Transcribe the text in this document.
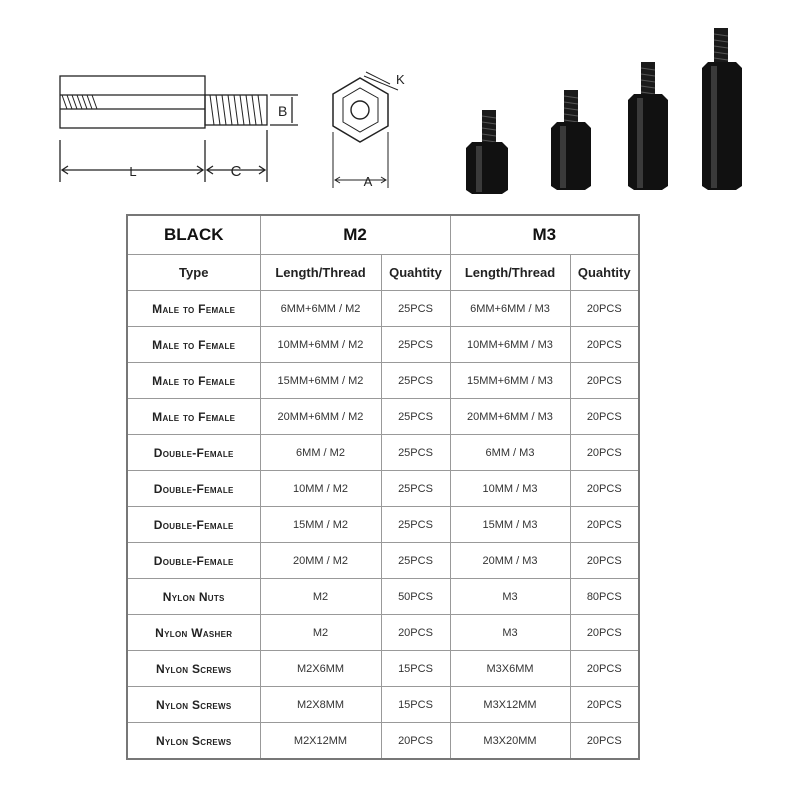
L	C
B
K
A
BLACK	M2		M3	
Type	Length/Thread	Quahtity	Length/Thread	Quahtity
Male to Female	6MM+6MM / M2	25PCS	6MM+6MM / M3	20PCS
Male to Female	10MM+6MM / M2	25PCS	10MM+6MM / M3	20PCS
Male to Female	15MM+6MM / M2	25PCS	15MM+6MM / M3	20PCS
Male to Female	20MM+6MM / M2	25PCS	20MM+6MM / M3	20PCS
Double-Female	6MM / M2	25PCS	6MM / M3	20PCS
Double-Female	10MM / M2	25PCS	10MM / M3	20PCS
Double-Female	15MM / M2	25PCS	15MM / M3	20PCS
Double-Female	20MM / M2	25PCS	20MM / M3	20PCS
Nylon Nuts	M2	50PCS	M3	80PCS
Nylon Washer	M2	20PCS	M3	20PCS
Nylon Screws	M2X6MM	15PCS	M3X6MM	20PCS
Nylon Screws	M2X8MM	15PCS	M3X12MM	20PCS
Nylon Screws	M2X12MM	20PCS	M3X20MM	20PCS
